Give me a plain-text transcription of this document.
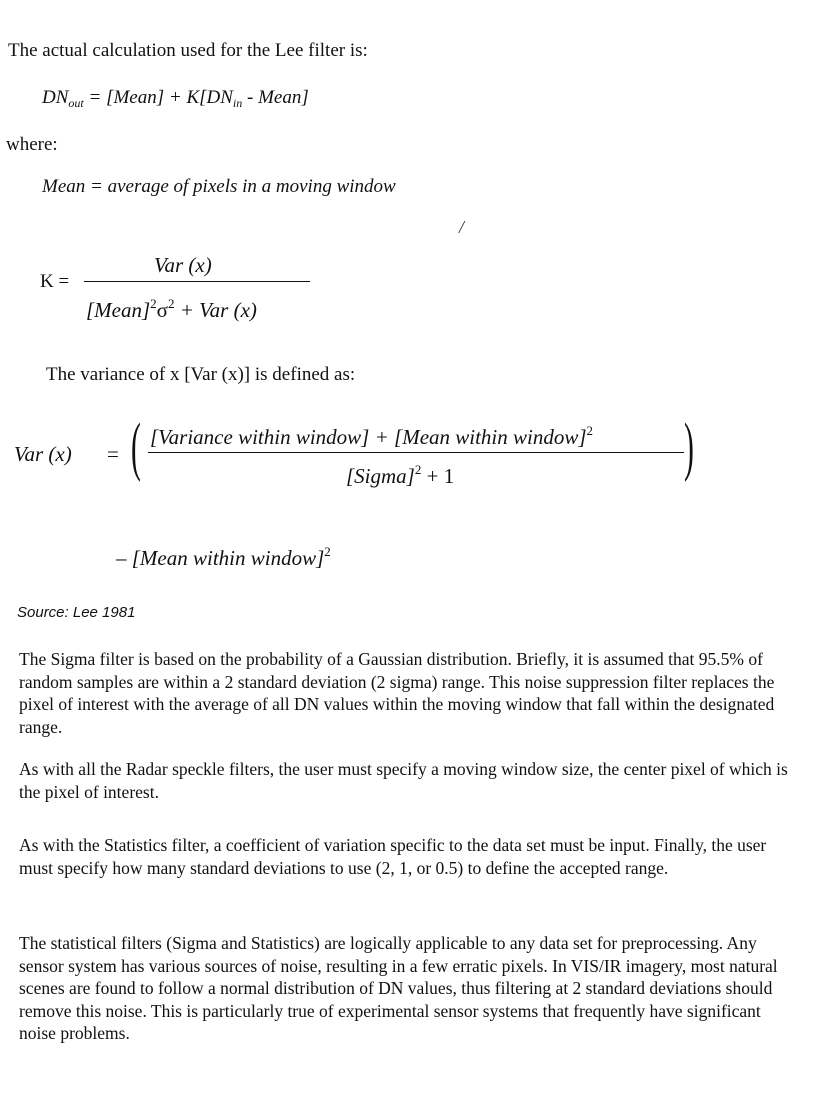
The actual calculation used for the Lee filter is:
$DN_{out}$ = [Mean] + $K[DN_{in}$ - Mean]
where:
Mean = average of pixels in a moving window
/
K =
Var (x)
$[Mean]^2\sigma^2$ + Var (x)
The variance of x [Var (x)] is defined as:
Var (x) = ( [Variance within window] + [Mean within window]$^2$
[Sigma]$^2$ + 1	)
– [Mean within window]$^2$
Source: Lee 1981

The Sigma filter is based on the probability of a Gaussian distribution. Briefly, it is assumed that 95.5% of random samples are within a 2 standard deviation (2 sigma) range. This noise suppression filter replaces the pixel of interest with the average of all DN values within the moving window that fall within the designated range.

As with all the Radar speckle filters, the user must specify a moving window size, the center pixel of which is the pixel of interest.

As with the Statistics filter, a coefficient of variation specific to the data set must be input. Finally, the user must specify how many standard deviations to use (2, 1, or 0.5) to define the accepted range.

The statistical filters (Sigma and Statistics) are logically applicable to any data set for preprocessing. Any sensor system has various sources of noise, resulting in a few erratic pixels. In VIS/IR imagery, most natural scenes are found to follow a normal distribution of DN values, thus filtering at 2 standard deviations should remove this noise. This is particularly true of experimental sensor systems that frequently have significant noise problems.
